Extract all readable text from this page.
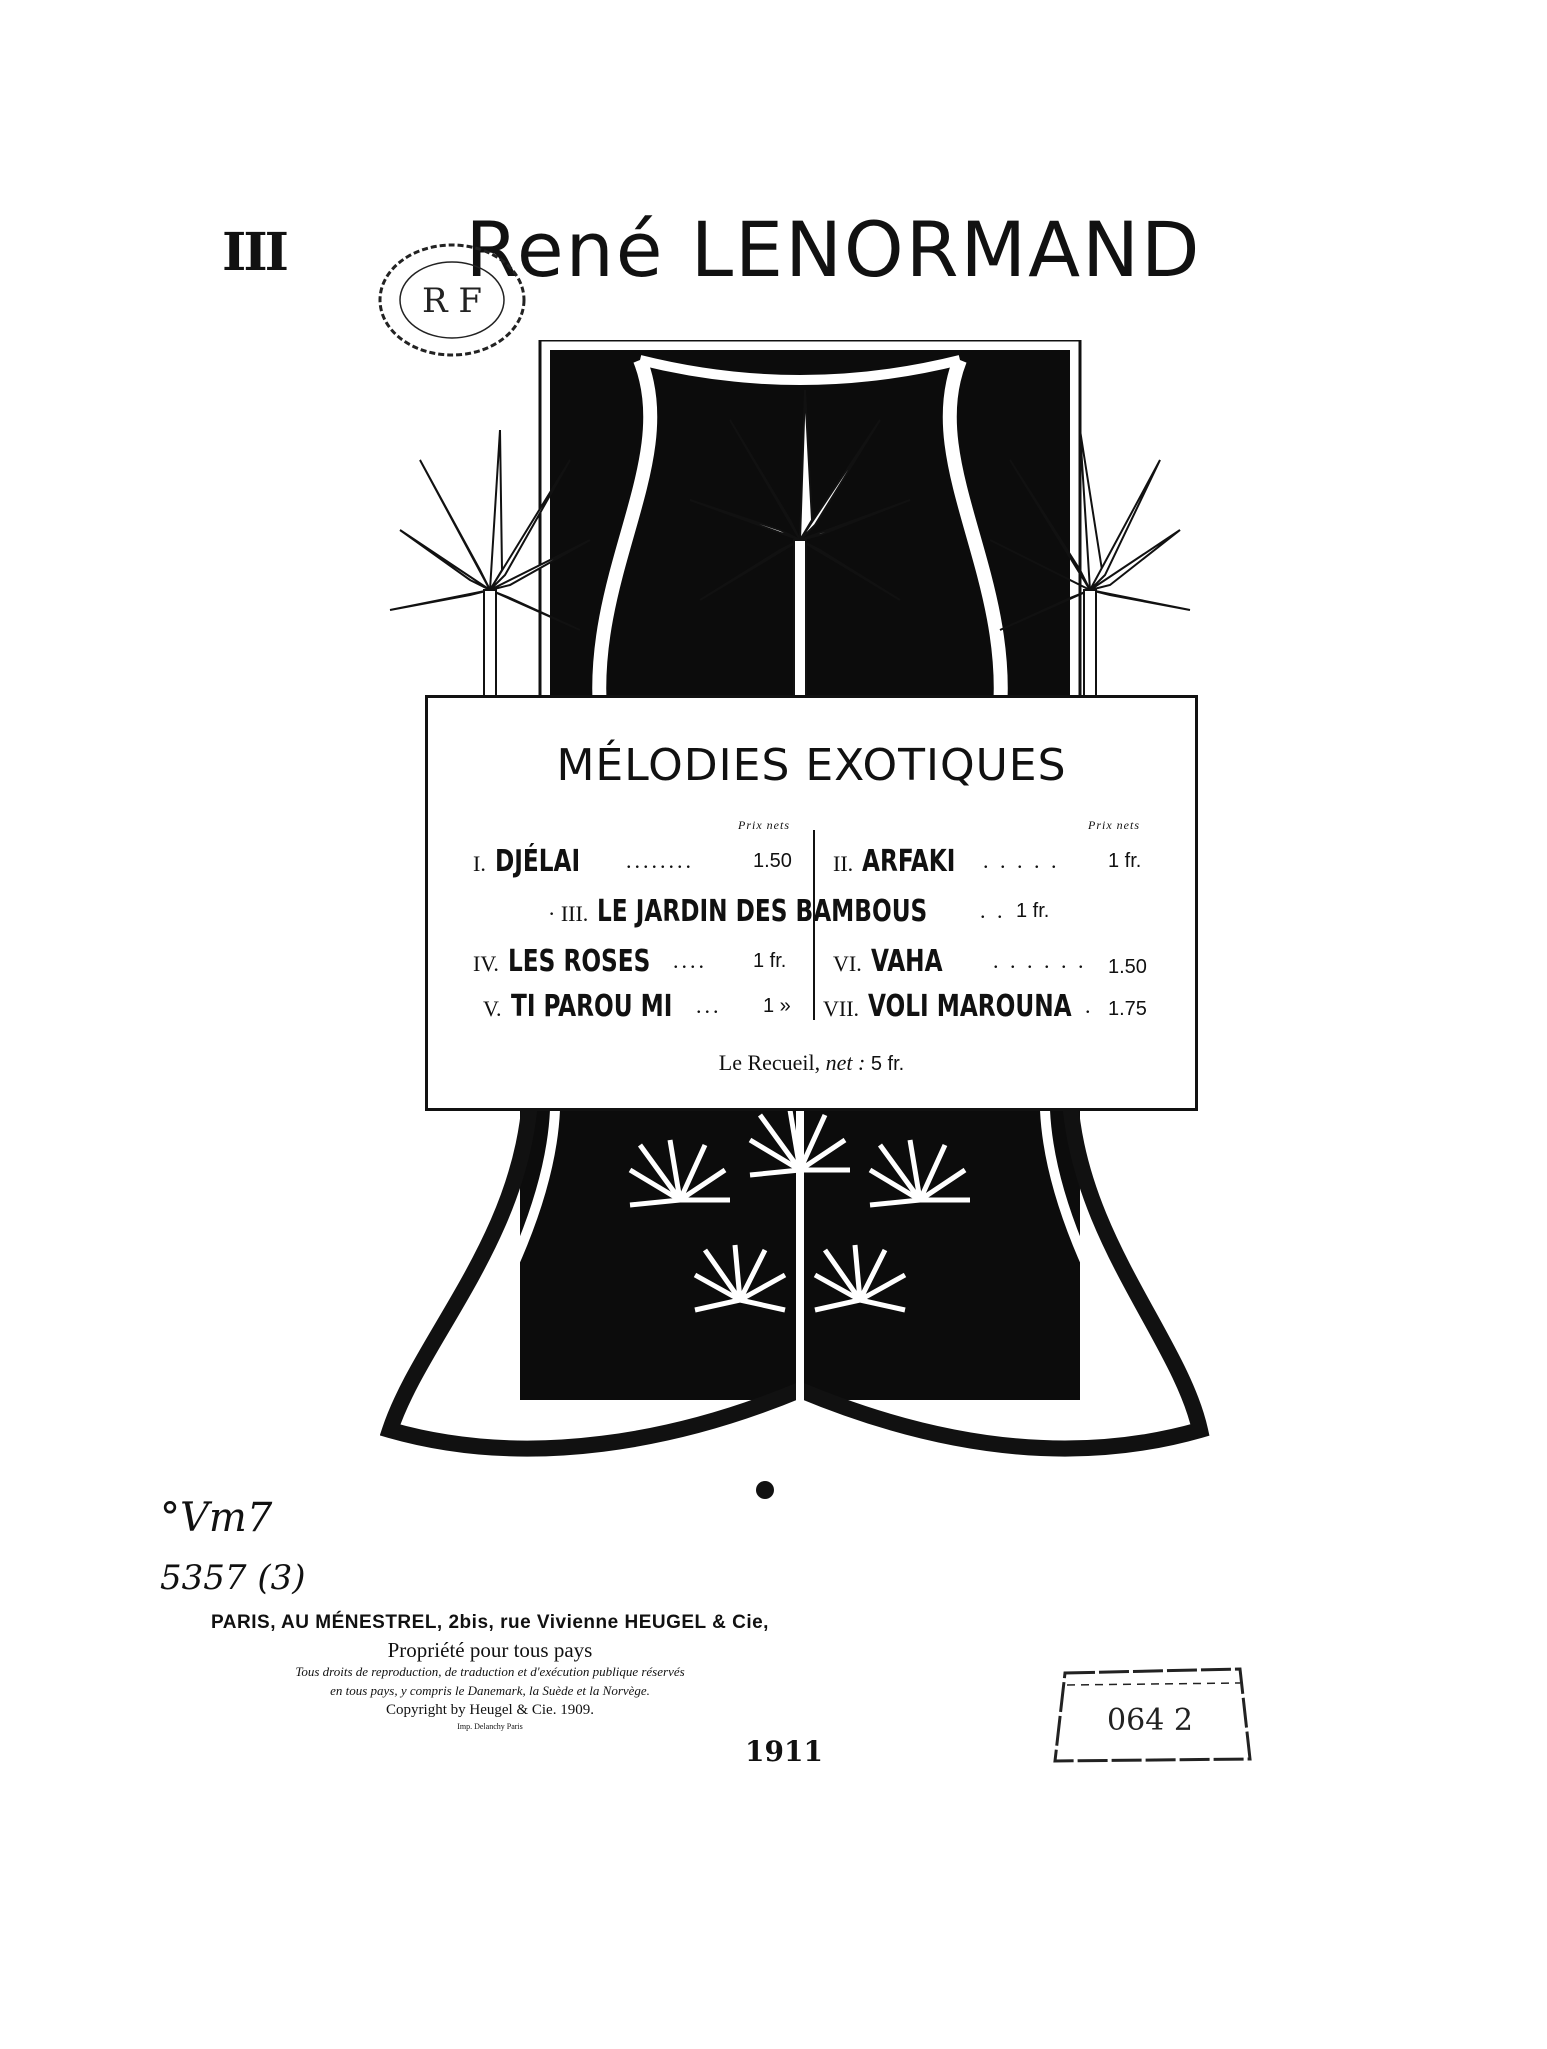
III	René LENORMAND
R F
MÉLODIES EXOTIQUES
Prix nets	Prix nets
I. DJÉLAI	........	1.50 II. ARFAKI	. . . . . 1 fr.
· III. LE JARDIN DES BAMBOUS	. . 1 fr.
IV. LES ROSES	.... 1 fr. VI. VAHA	. . . . . . 1.50
V. TI PAROU MI	... 1 » VII. VOLI MAROUNA . 1.75
Le Recueil, net : 5 fr.
°Vm7
5357 (3)
PARIS, AU MÉNESTREL, 2bis, rue Vivienne HEUGEL & Cie,
Propriété pour tous pays
Tous droits de reproduction, de traduction et d'exécution publique réservés
en tous pays, y compris le Danemark, la Suède et la Norvège.
Copyright by Heugel & Cie. 1909.
Imp. Delanchy Paris
1911
064 2
